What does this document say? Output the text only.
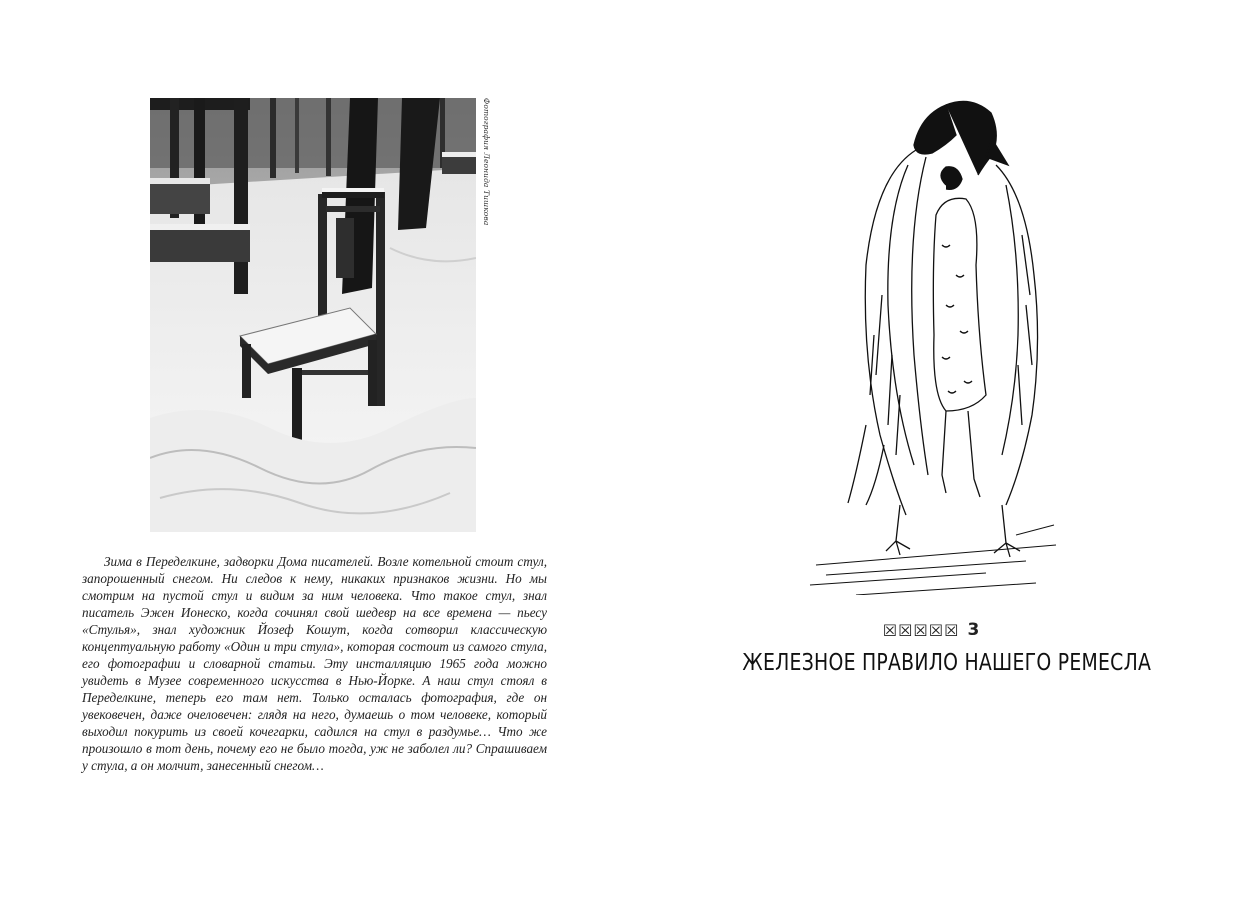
Фотография Леонида Тишкова

Зима в Переделкине, задворки Дома писателей. Возле котельной стоит стул, запорошенный снегом. Ни следов к нему, никаких признаков жизни. Но мы смотрим на пустой стул и видим за ним человека. Что такое стул, знал писатель Эжен Ионеско, когда сочинял свой шедевр на все времена — пьесу «Стулья», знал художник Йозеф Кошут, когда сотворил классическую концептуальную работу «Один и три стула», которая состоит из самого стула, его фотографии и словарной статьи. Эту инсталляцию 1965 года можно увидеть в Музее современного искусства в Нью-Йорке. А наш стул стоял в Переделкине, теперь его там нет. Только осталась фотография, где он увековечен, даже очеловечен: глядя на него, думаешь о том человеке, который выходил покурить из своей кочегарки, садился на стул в раздумье… Что же произошло в тот день, почему его не было тогда, уж не заболел ли? Спрашиваем у стула, а он молчит, занесенный снегом…

☒☒☒☒☒ 3
ЖЕЛЕЗНОЕ ПРАВИЛО НАШЕГО РЕМЕСЛА
